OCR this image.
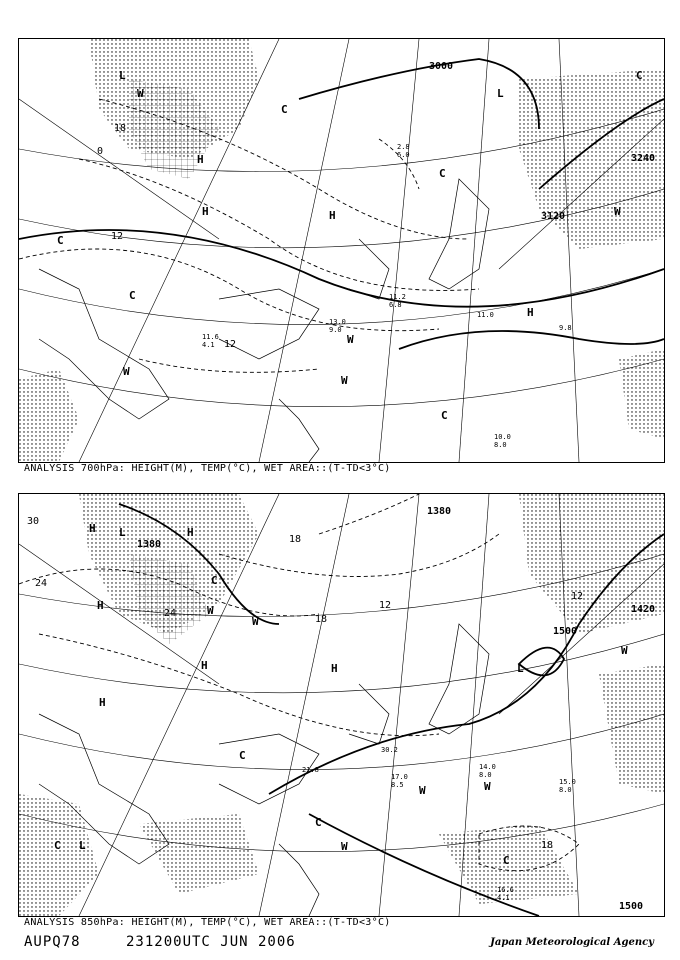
3000
3120
3240
18
12
12
0
L
W
H
H
C
C
C
W
H
W
H
C
W
L
C
C
W
11.6
4.1
13.0
9.0
10.0
8.0
11.0
9.8
2.8
6.0
11.2
6.8
ANALYSIS 700hPa: HEIGHT(M), TEMP(°C), WET AREA::(T-TD<3°C)
1380
1380
1500
1420
1500
30
24
24
18
18
12
12
18
H L	H
C
H
W
H
W
H	L
W
W
C
W
C
W
L
C
C
H
14.0
8.0
15.0
8.0
17.0
8.5
16.6
4.1
30.2
21.8
ANALYSIS 850hPa: HEIGHT(M), TEMP(°C), WET AREA::(T-TD<3°C)
AUPQ78	231200UTC JUN 2006	Japan Meteorological Agency
